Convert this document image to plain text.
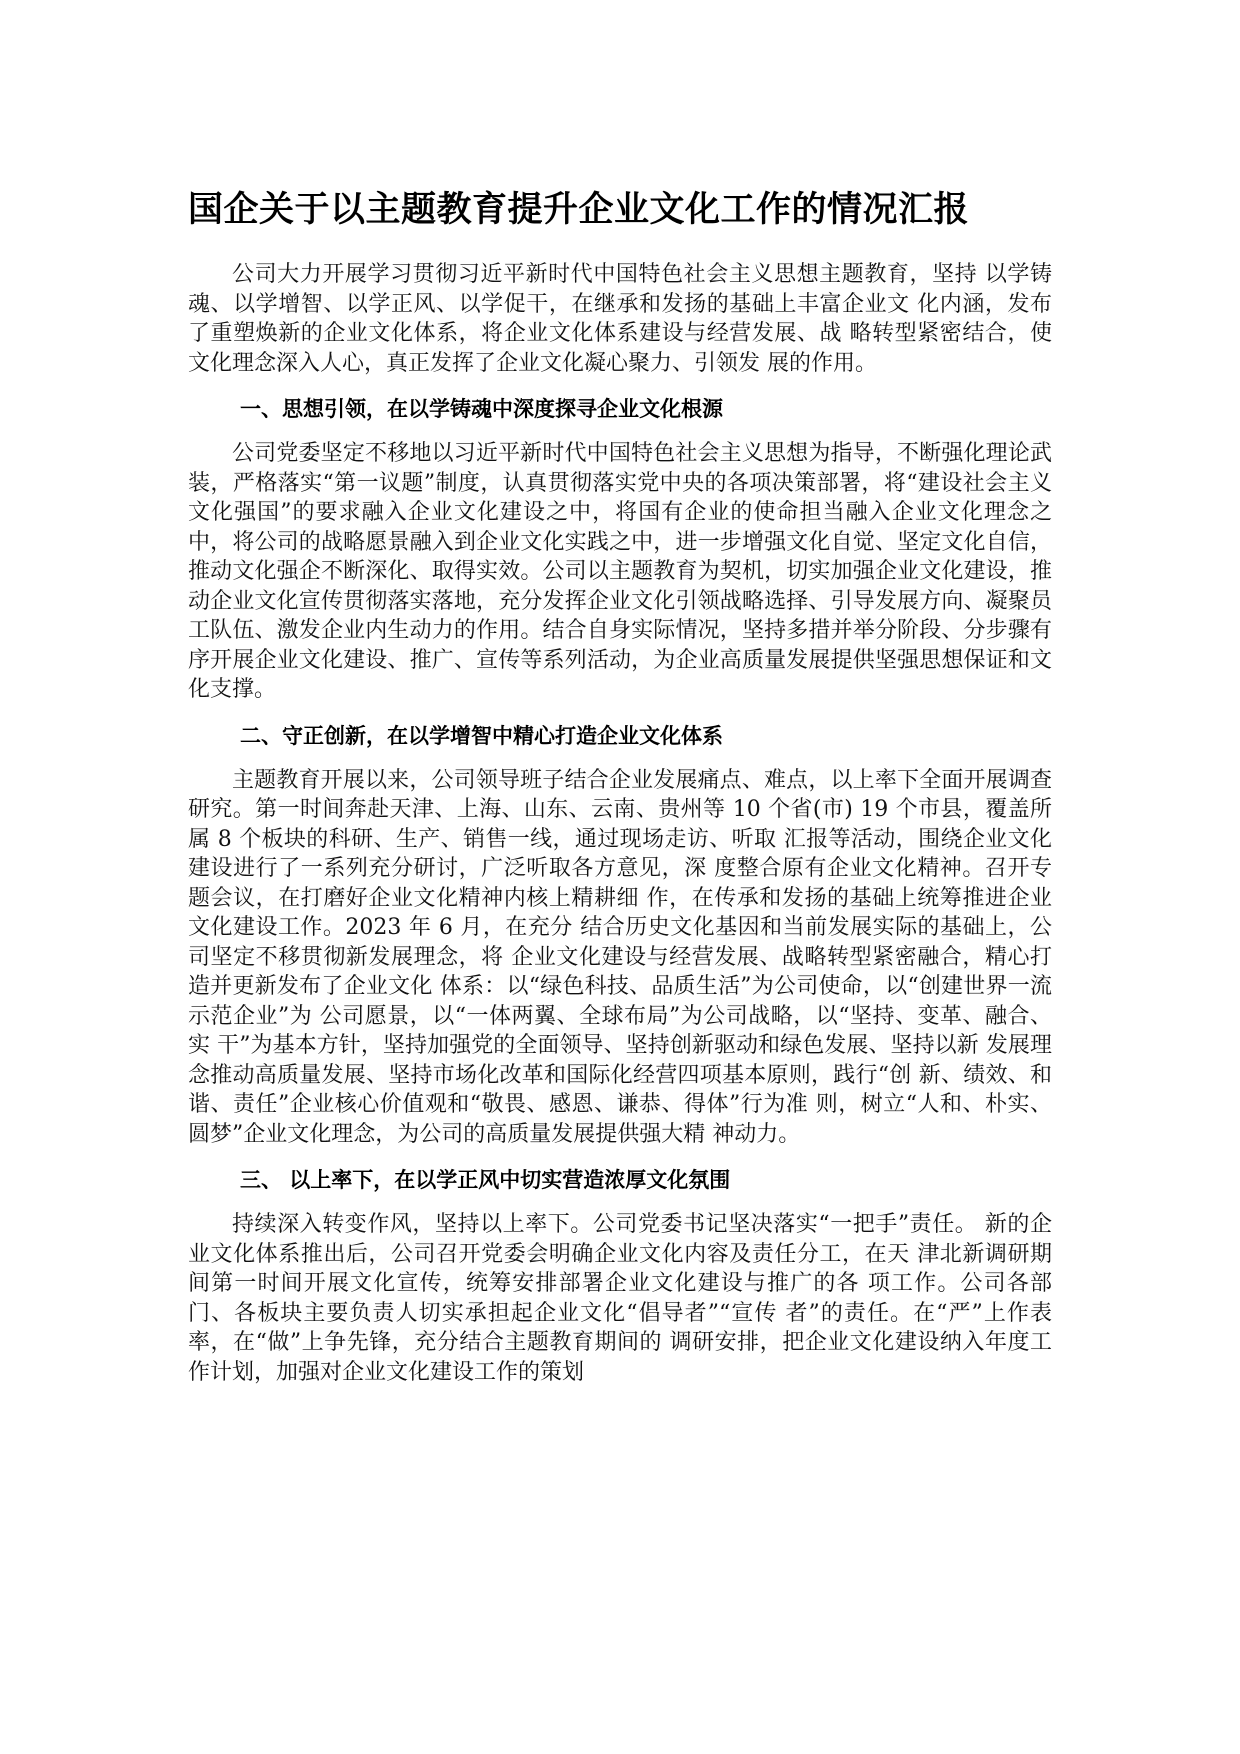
国企关于以主题教育提升企业文化工作的情况汇报

公司大力开展学习贯彻习近平新时代中国特色社会主义思想主题教育，坚持 以学铸魂、以学增智、以学正风、以学促干，在继承和发扬的基础上丰富企业文 化内涵，发布了重塑焕新的企业文化体系，将企业文化体系建设与经营发展、战 略转型紧密结合，使文化理念深入人心，真正发挥了企业文化凝心聚力、引领发 展的作用。

一、思想引领，在以学铸魂中深度探寻企业文化根源

公司党委坚定不移地以习近平新时代中国特色社会主义思想为指导，不断强化理论武装，严格落实“第一议题”制度，认真贯彻落实党中央的各项决策部署，将“建设社会主义文化强国”的要求融入企业文化建设之中，将国有企业的使命担当融入企业文化理念之中，将公司的战略愿景融入到企业文化实践之中，进一步增强文化自觉、坚定文化自信，推动文化强企不断深化、取得实效。公司以主题教育为契机，切实加强企业文化建设，推动企业文化宣传贯彻落实落地，充分发挥企业文化引领战略选择、引导发展方向、凝聚员工队伍、激发企业内生动力的作用。结合自身实际情况，坚持多措并举分阶段、分步骤有序开展企业文化建设、推广、宣传等系列活动，为企业高质量发展提供坚强思想保证和文化支撑。

二、守正创新，在以学增智中精心打造企业文化体系

主题教育开展以来，公司领导班子结合企业发展痛点、难点，以上率下全面开展调查研究。第一时间奔赴天津、上海、山东、云南、贵州等 10 个省(市) 19 个市县，覆盖所属 8 个板块的科研、生产、销售一线，通过现场走访、听取 汇报等活动，围绕企业文化建设进行了一系列充分研讨，广泛听取各方意见，深 度整合原有企业文化精神。召开专题会议，在打磨好企业文化精神内核上精耕细 作，在传承和发扬的基础上统筹推进企业文化建设工作。2023 年 6 月，在充分 结合历史文化基因和当前发展实际的基础上，公司坚定不移贯彻新发展理念，将 企业文化建设与经营发展、战略转型紧密融合，精心打造并更新发布了企业文化 体系：以“绿色科技、品质生活”为公司使命，以“创建世界一流示范企业”为 公司愿景，以“一体两翼、全球布局”为公司战略，以“坚持、变革、融合、实 干”为基本方针，坚持加强党的全面领导、坚持创新驱动和绿色发展、坚持以新 发展理念推动高质量发展、坚持市场化改革和国际化经营四项基本原则，践行“创 新、绩效、和谐、责任”企业核心价值观和“敬畏、感恩、谦恭、得体”行为准 则，树立“人和、朴实、圆梦”企业文化理念，为公司的高质量发展提供强大精 神动力。

三、 以上率下，在以学正风中切实营造浓厚文化氛围

持续深入转变作风，坚持以上率下。公司党委书记坚决落实“一把手”责任。 新的企业文化体系推出后，公司召开党委会明确企业文化内容及责任分工，在天 津北新调研期间第一时间开展文化宣传，统筹安排部署企业文化建设与推广的各 项工作。公司各部门、各板块主要负责人切实承担起企业文化“倡导者”“宣传 者”的责任。在“严”上作表率，在“做”上争先锋，充分结合主题教育期间的 调研安排，把企业文化建设纳入年度工作计划，加强对企业文化建设工作的策划
